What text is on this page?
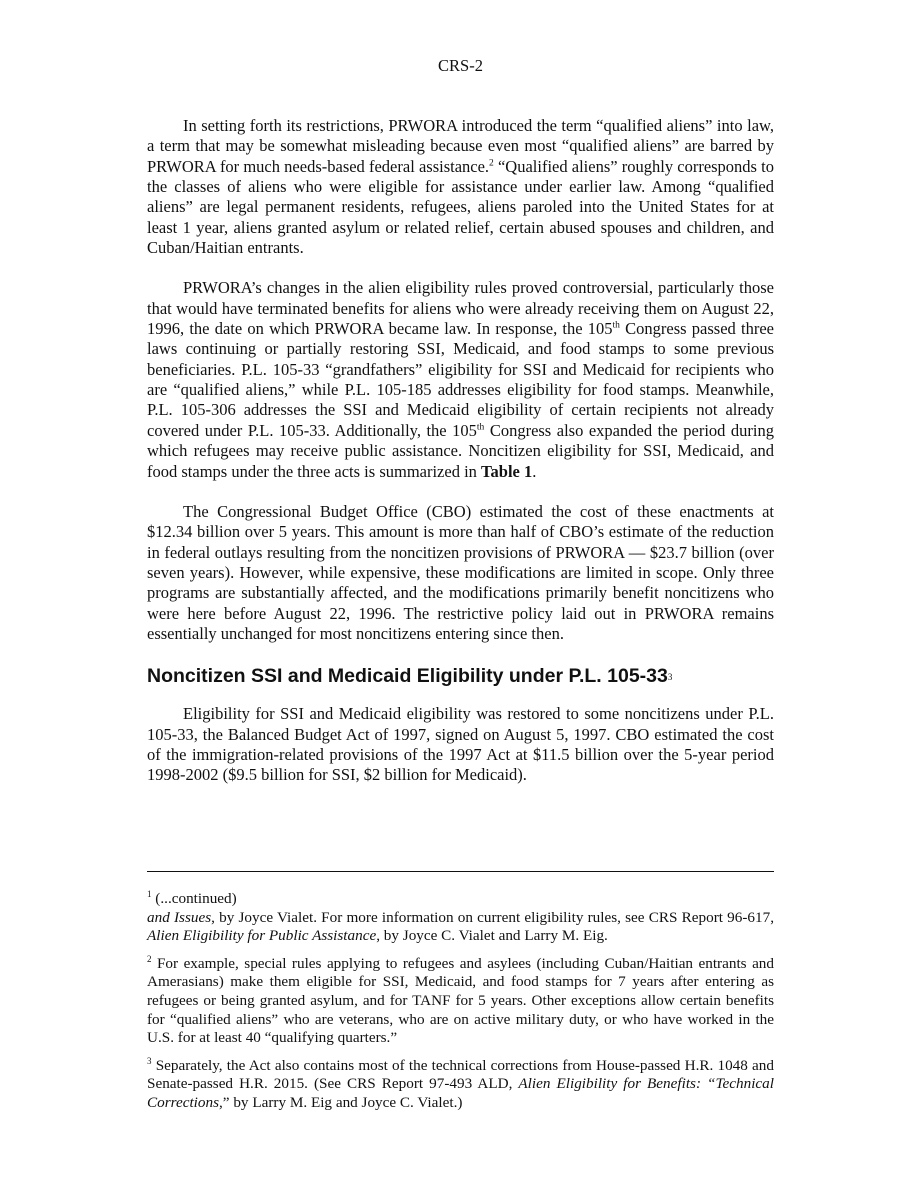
CRS-2

In setting forth its restrictions, PRWORA introduced the term “qualified aliens” into law, a term that may be somewhat misleading because even most “qualified aliens” are barred by PRWORA for much needs-based federal assistance.$^2$ “Qualified aliens” roughly corresponds to the classes of aliens who were eligible for assistance under earlier law. Among “qualified aliens” are legal permanent residents, refugees, aliens paroled into the United States for at least 1 year, aliens granted asylum or related relief, certain abused spouses and children, and Cuban/Haitian entrants.

PRWORA’s changes in the alien eligibility rules proved controversial, particularly those that would have terminated benefits for aliens who were already receiving them on August 22, 1996, the date on which PRWORA became law. In response, the 105th Congress passed three laws continuing or partially restoring SSI, Medicaid, and food stamps to some previous beneficiaries. P.L. 105-33 “grandfathers” eligibility for SSI and Medicaid for recipients who are “qualified aliens,” while P.L. 105-185 addresses eligibility for food stamps. Meanwhile, P.L. 105-306 addresses the SSI and Medicaid eligibility of certain recipients not already covered under P.L. 105-33. Additionally, the 105th Congress also expanded the period during which refugees may receive public assistance. Noncitizen eligibility for SSI, Medicaid, and food stamps under the three acts is summarized in Table 1.

The Congressional Budget Office (CBO) estimated the cost of these enactments at $12.34 billion over 5 years. This amount is more than half of CBO’s estimate of the reduction in federal outlays resulting from the noncitizen provisions of PRWORA — $23.7 billion (over seven years). However, while expensive, these modifications are limited in scope. Only three programs are substantially affected, and the modifications primarily benefit noncitizens who were here before August 22, 1996. The restrictive policy laid out in PRWORA remains essentially unchanged for most noncitizens entering since then.

Noncitizen SSI and Medicaid Eligibility under P.L. $105-33^3$

Eligibility for SSI and Medicaid eligibility was restored to some noncitizens under P.L. 105-33, the Balanced Budget Act of 1997, signed on August 5, 1997. CBO estimated the cost of the immigration-related provisions of the 1997 Act at $11.5 billion over the 5-year period 1998-2002 ($9.5 billion for SSI, $2 billion for Medicaid).

$^1$ (...continued)

and Issues, by Joyce Vialet. For more information on current eligibility rules, see CRS Report 96-617, Alien Eligibility for Public Assistance, by Joyce C. Vialet and Larry M. Eig.

$^2$ For example, special rules applying to refugees and asylees (including Cuban/Haitian entrants and Amerasians) make them eligible for SSI, Medicaid, and food stamps for 7 years after entering as refugees or being granted asylum, and for TANF for 5 years. Other exceptions allow certain benefits for “qualified aliens” who are veterans, who are on active military duty, or who have worked in the U.S. for at least 40 “qualifying quarters.”

$^3$ Separately, the Act also contains most of the technical corrections from House-passed H.R. 1048 and Senate-passed H.R. 2015. (See CRS Report 97-493 ALD, Alien Eligibility for Benefits: “Technical Corrections,” by Larry M. Eig and Joyce C. Vialet.)
